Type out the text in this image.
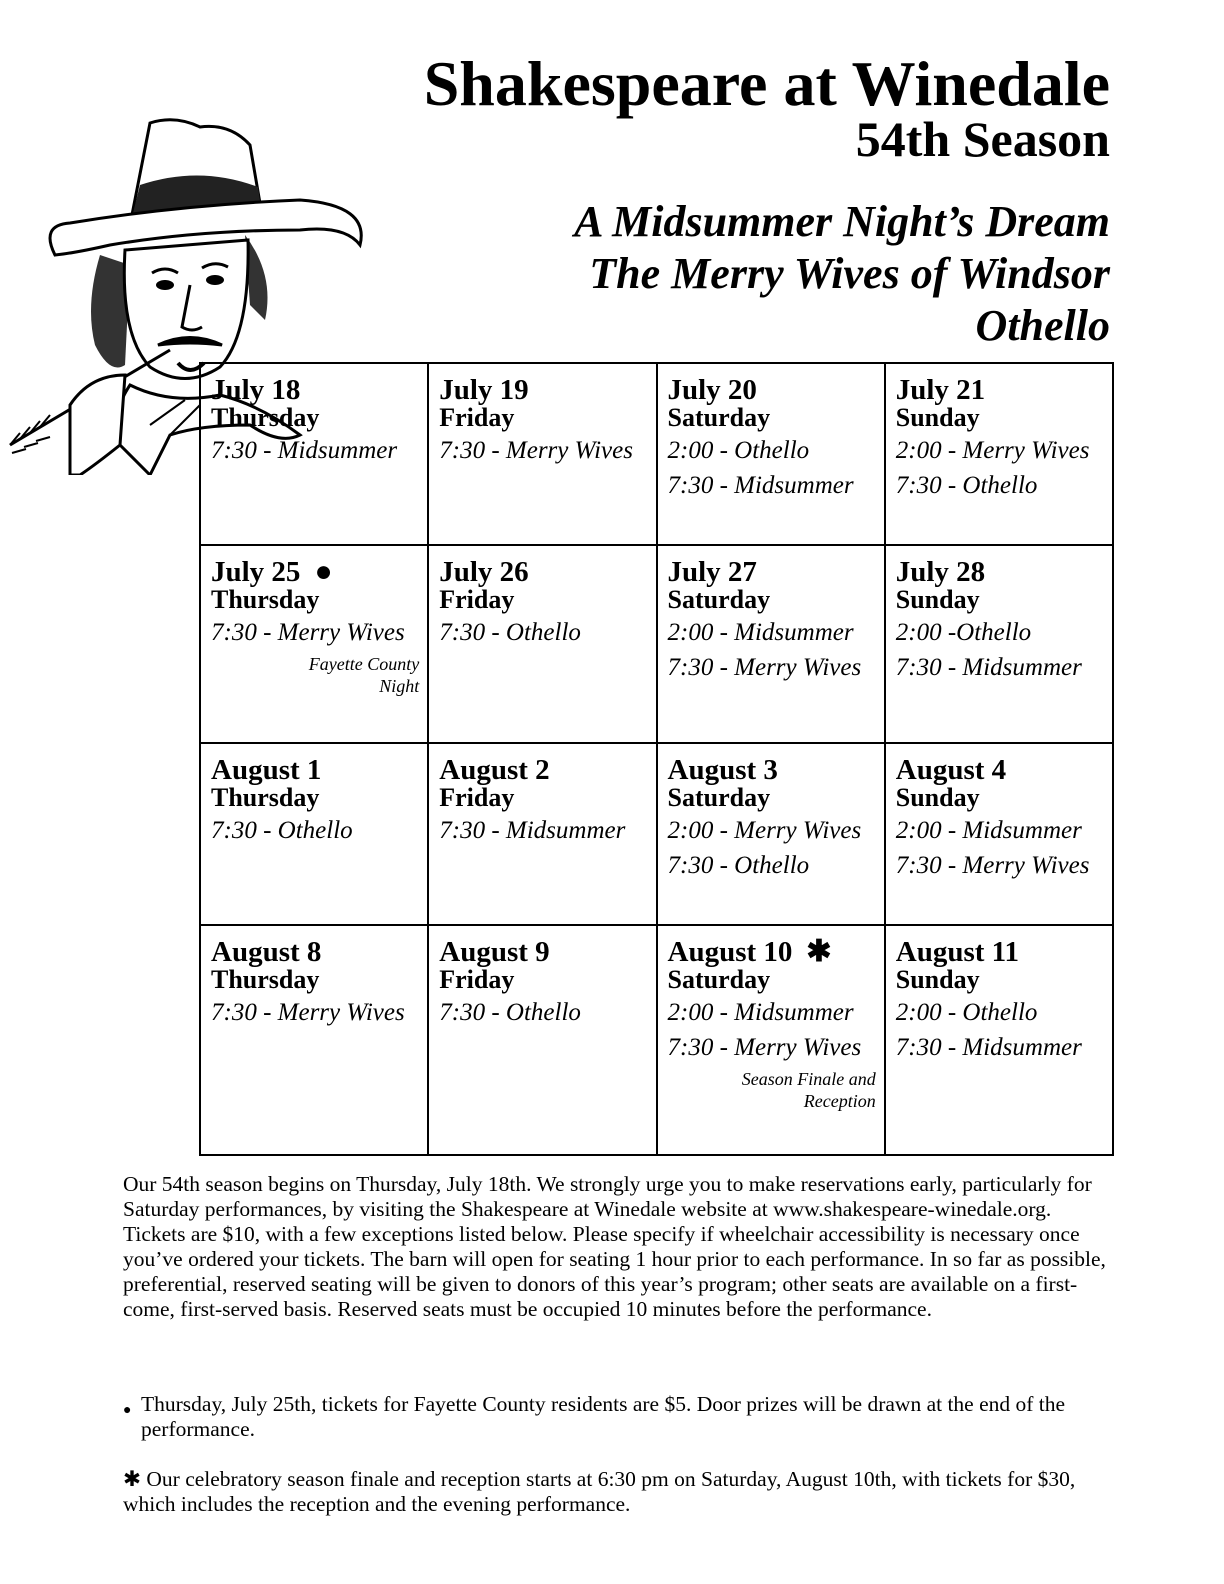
Shakespeare at Winedale
54th Season
A Midsummer Night’s Dream
The Merry Wives of Windsor
Othello
July 18
Thursday
7:30 - Midsummer	July 19
Friday
7:30 - Merry Wives	July 20
Saturday
2:00 - Othello
7:30 - Midsummer	July 21
Sunday
2:00 - Merry Wives
7:30 - Othello

July 25 ●
Thursday
7:30 - Merry Wives
Fayette County Night	July 26
Friday
7:30 - Othello	July 27
Saturday
2:00 - Midsummer
7:30 - Merry Wives	July 28
Sunday
2:00 -Othello
7:30 - Midsummer

August 1
Thursday
7:30 - Othello	August 2
Friday
7:30 - Midsummer	August 3
Saturday
2:00 - Merry Wives
7:30 - Othello	August 4
Sunday
2:00 - Midsummer
7:30 - Merry Wives

August 8
Thursday
7:30 - Merry Wives	August 9
Friday
7:30 - Othello	August 10 ✱
Saturday
2:00 - Midsummer
7:30 - Merry Wives
Season Finale and Reception	August 11
Sunday
2:00 - Othello
7:30 - Midsummer

Our 54th season begins on Thursday, July 18th. We strongly urge you to make reservations early, particularly for Saturday performances, by visiting the Shakespeare at Winedale website at www.shakespeare-winedale.org. Tickets are $10, with a few exceptions listed below. Please specify if wheelchair accessibility is necessary once you’ve ordered your tickets. The barn will open for seating 1 hour prior to each performance. In so far as possible, preferential, reserved seating will be given to donors of this year’s program; other seats are available on a first-come, first-served basis. Reserved seats must be occupied 10 minutes before the performance.

● Thursday, July 25th, tickets for Fayette County residents are $5. Door prizes will be drawn at the end of the performance.

✱ Our celebratory season finale and reception starts at 6:30 pm on Saturday, August 10th, with tickets for $30, which includes the reception and the evening performance.
